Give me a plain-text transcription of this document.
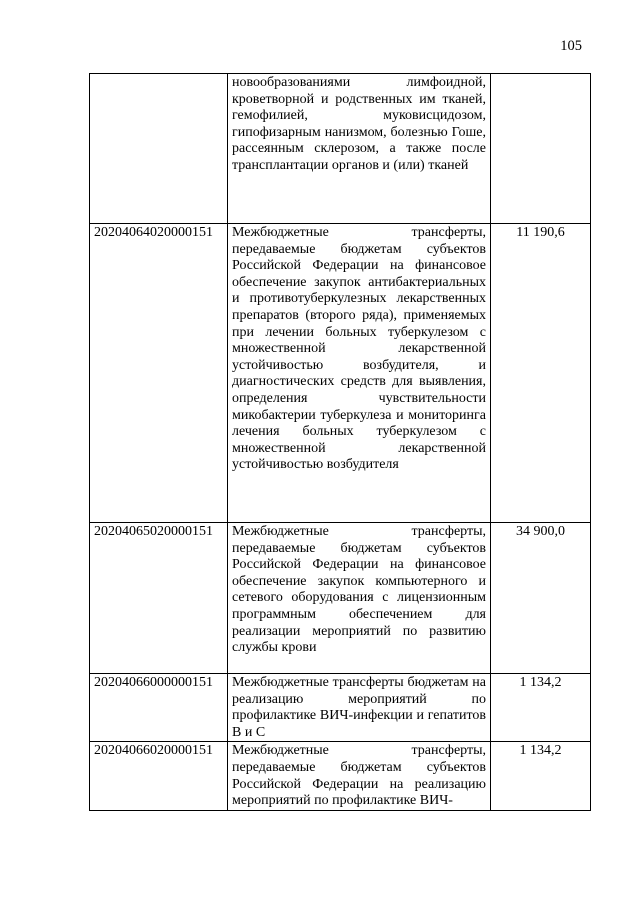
105
	новообразованиями лимфоидной, кроветворной и родственных им тканей, гемофилией, муковисцидозом, гипофизарным нанизмом, болезнью Гоше, рассеянным склерозом, а также после трансплантации органов и (или) тканей	
20204064020000151	Межбюджетные трансферты, передаваемые бюджетам субъектов Российской Федерации на финансовое обеспечение закупок антибактериальных и противотуберкулезных лекарственных препаратов (второго ряда), применяемых при лечении больных туберкулезом с множественной лекарственной устойчивостью возбудителя, и диагностических средств для выявления, определения чувствительности микобактерии туберкулеза и мониторинга лечения больных туберкулезом с множественной лекарственной устойчивостью возбудителя	11 190,6
20204065020000151	Межбюджетные трансферты, передаваемые бюджетам субъектов Российской Федерации на финансовое обеспечение закупок компьютерного и сетевого оборудования с лицензионным программным обеспечением для реализации мероприятий по развитию службы крови	34 900,0
20204066000000151	Межбюджетные трансферты бюджетам на реализацию мероприятий по профилактике ВИЧ-инфекции и гепатитов B и C	1 134,2
20204066020000151	Межбюджетные трансферты, передаваемые бюджетам субъектов Российской Федерации на реализацию мероприятий по профилактике ВИЧ-	1 134,2
